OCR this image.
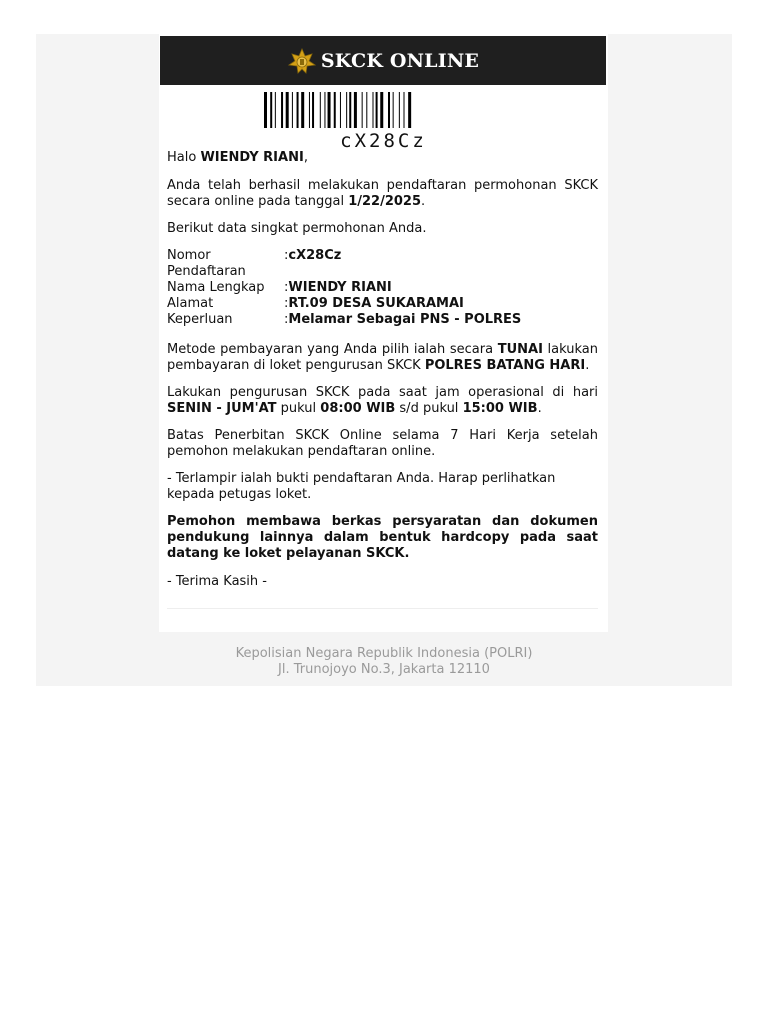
SKCK ONLINE
cX28Cz

Halo WIENDY RIANI,

Anda telah berhasil melakukan pendaftaran permohonan SKCK secara online pada tanggal 1/22/2025.

Berikut data singkat permohonan Anda.

Nomor Pendaftaran
: cX28Cz
Nama Lengkap	: WIENDY RIANI
Alamat	: RT.09 DESA SUKARAMAI
Keperluan	: Melamar Sebagai PNS - POLRES

Metode pembayaran yang Anda pilih ialah secara TUNAI lakukan pembayaran di loket pengurusan SKCK POLRES BATANG HARI.

Lakukan pengurusan SKCK pada saat jam operasional di hari SENIN - JUM'AT pukul 08:00 WIB s/d pukul 15:00 WIB.

Batas Penerbitan SKCK Online selama 7 Hari Kerja setelah pemohon melakukan pendaftaran online.

- Terlampir ialah bukti pendaftaran Anda. Harap perlihatkan kepada petugas loket.

Pemohon membawa berkas persyaratan dan dokumen pendukung lainnya dalam bentuk hardcopy pada saat datang ke loket pelayanan SKCK.

- Terima Kasih -

Kepolisian Negara Republik Indonesia (POLRI)
Jl. Trunojoyo No.3, Jakarta 12110
